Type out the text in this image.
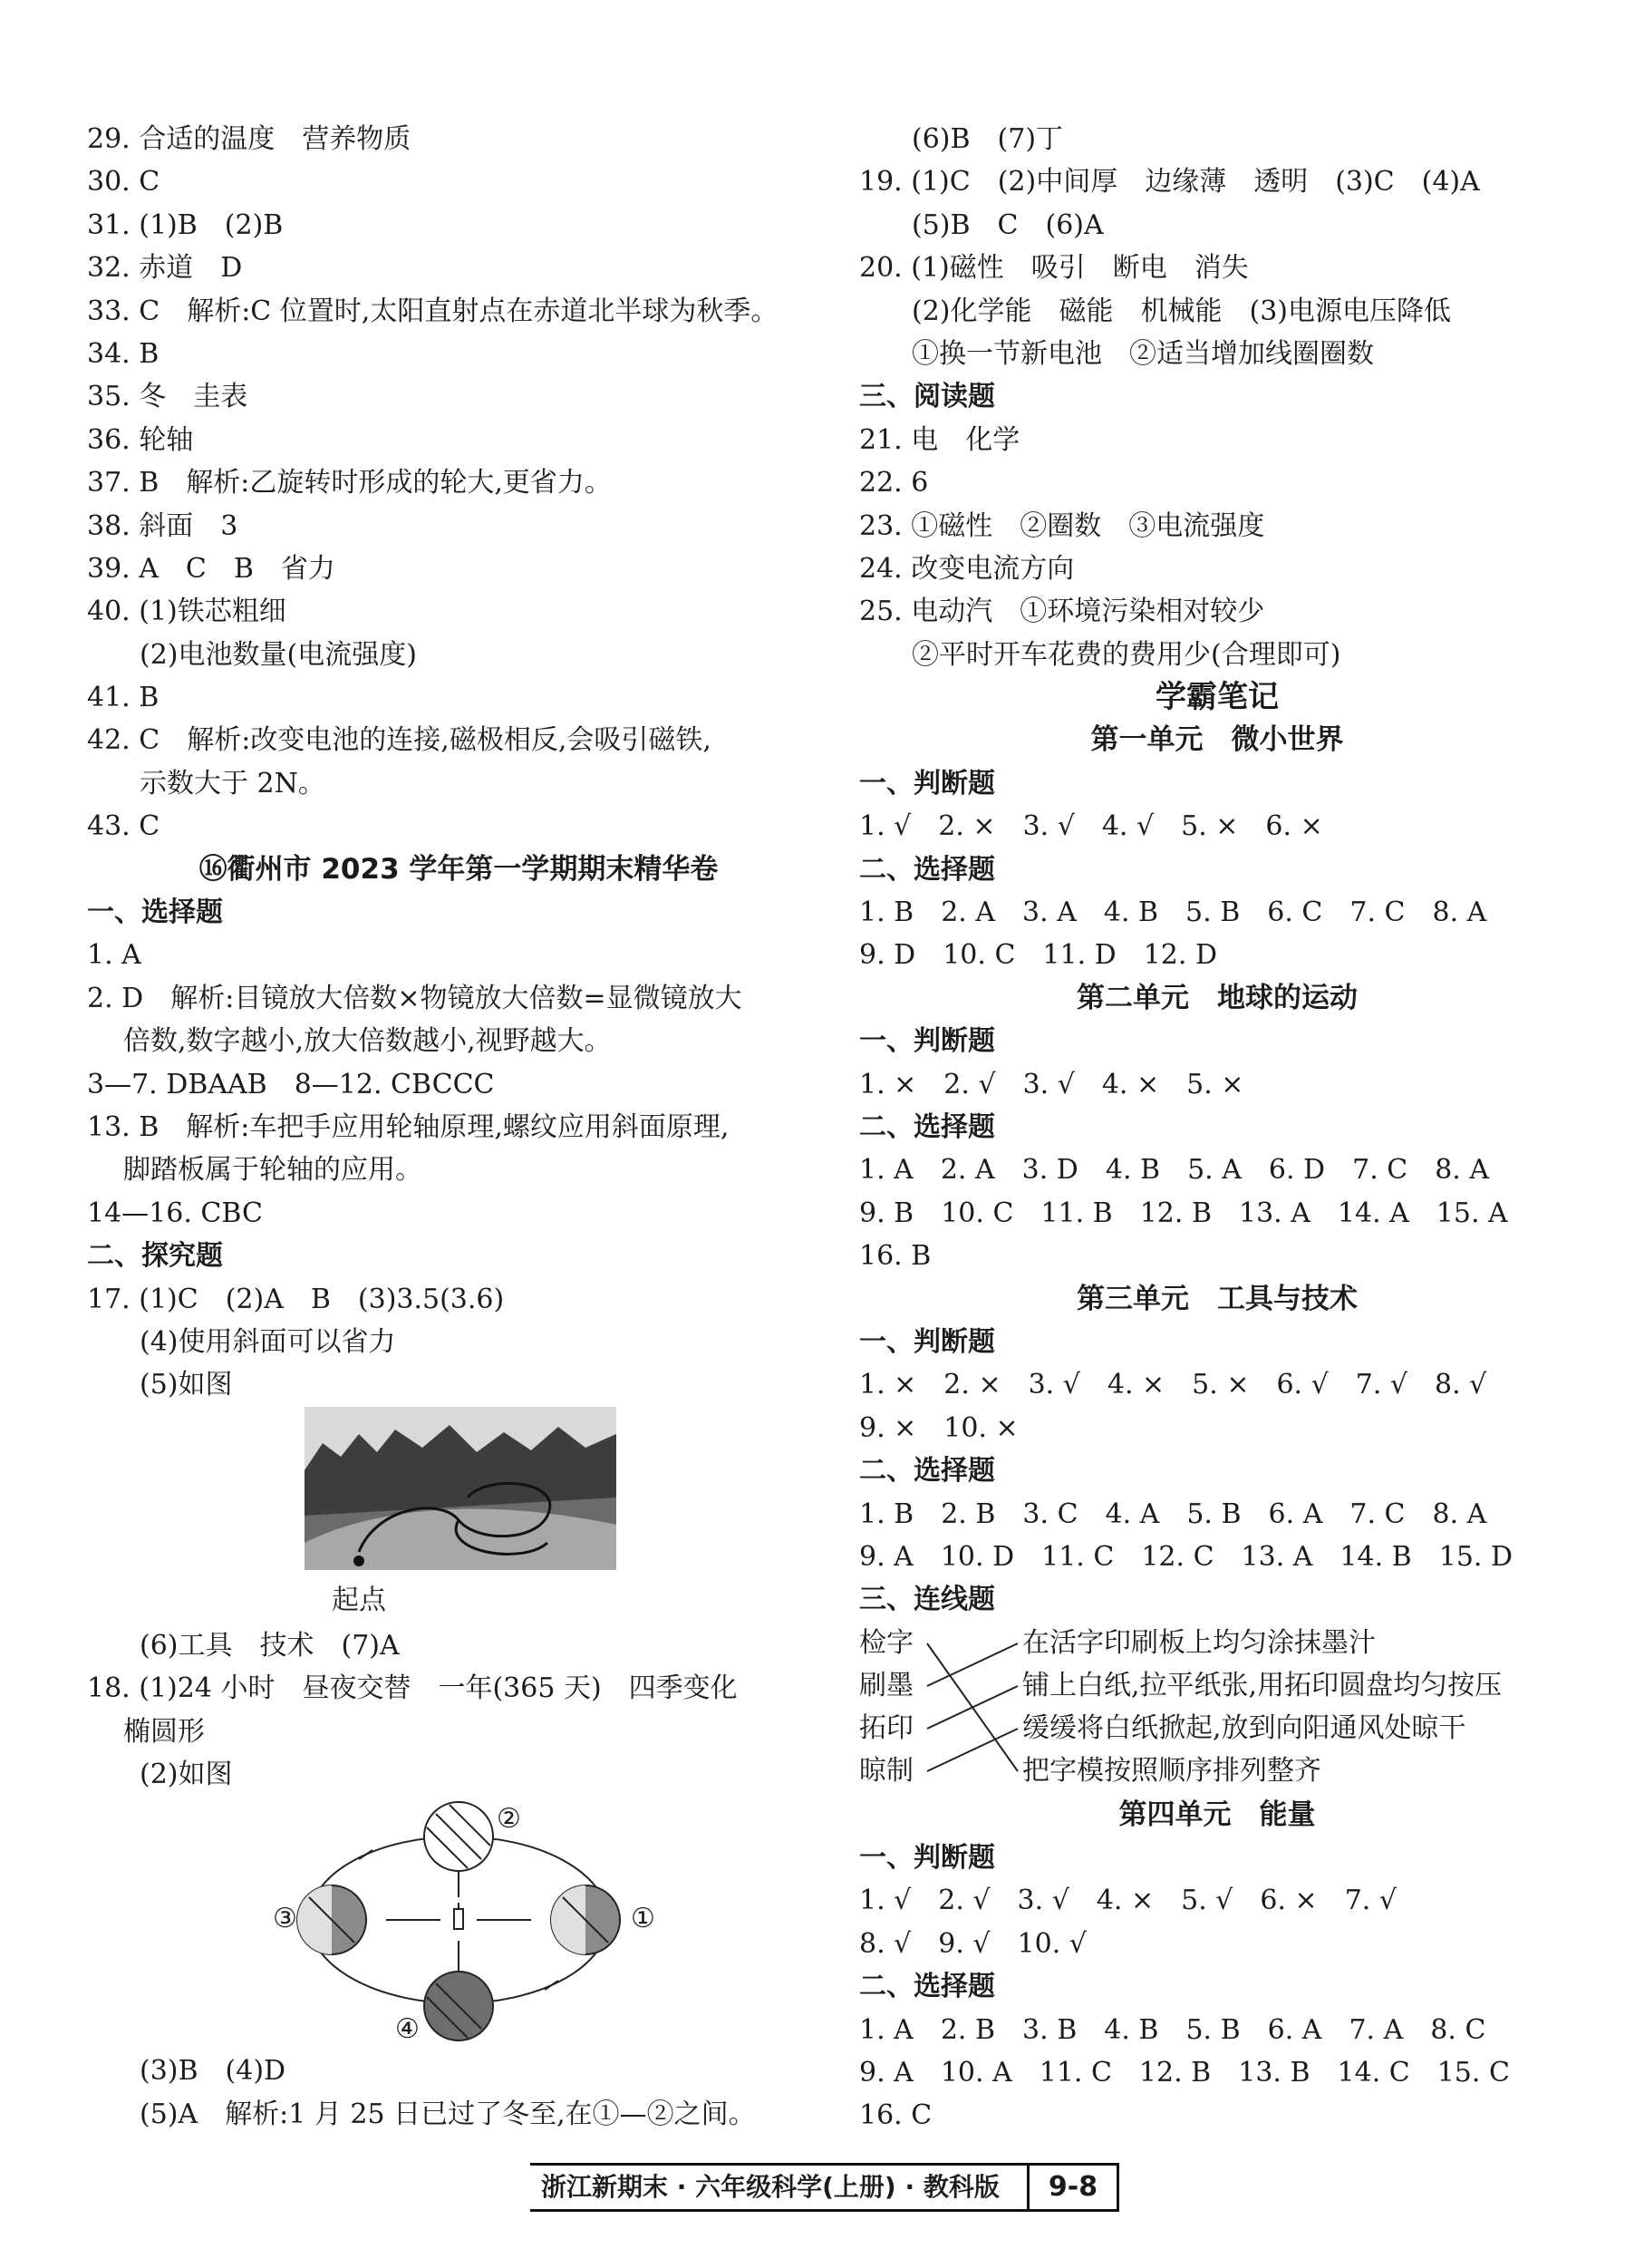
29. 合适的温度　营养物质
30. C
31. (1)B　(2)B
32. 赤道　D
33. C　解析:C 位置时,太阳直射点在赤道北半球为秋季。
34. B
35. 冬　圭表
36. 轮轴
37. B　解析:乙旋转时形成的轮大,更省力。
38. 斜面　3
39. A　C　B　省力
40. (1)铁芯粗细
(2)电池数量(电流强度)
41. B
42. C　解析:改变电池的连接,磁极相反,会吸引磁铁,
示数大于 2N。
43. C
⑯衢州市 2023 学年第一学期期末精华卷
一、选择题
1. A
2. D　解析:目镜放大倍数×物镜放大倍数=显微镜放大
倍数,数字越小,放大倍数越小,视野越大。
3—7. DBAAB　8—12. CBCCC
13. B　解析:车把手应用轮轴原理,螺纹应用斜面原理,
脚踏板属于轮轴的应用。
14—16. CBC
二、探究题
17. (1)C　(2)A　B　(3)3.5(3.6)
(4)使用斜面可以省力
(5)如图
起点
(6)工具　技术　(7)A
18. (1)24 小时　昼夜交替　一年(365 天)　四季变化
椭圆形
(2)如图
①
②
③
④
(3)B　(4)D
(5)A　解析:1 月 25 日已过了冬至,在①—②之间。
(6)B　(7)丁
19. (1)C　(2)中间厚　边缘薄　透明　(3)C　(4)A
(5)B　C　(6)A
20. (1)磁性　吸引　断电　消失
(2)化学能　磁能　机械能　(3)电源电压降低
①换一节新电池　②适当增加线圈圈数
三、阅读题
21. 电　化学
22. 6
23. ①磁性　②圈数　③电流强度
24. 改变电流方向
25. 电动汽　①环境污染相对较少
②平时开车花费的费用少(合理即可)
学霸笔记
第一单元　微小世界
一、判断题
1. √　2. ×　3. √　4. √　5. ×　6. ×
二、选择题
1. B　2. A　3. A　4. B　5. B　6. C　7. C　8. A
9. D　10. C　11. D　12. D
第二单元　地球的运动
一、判断题
1. ×　2. √　3. √　4. ×　5. ×
二、选择题
1. A　2. A　3. D　4. B　5. A　6. D　7. C　8. A
9. B　10. C　11. B　12. B　13. A　14. A　15. A
16. B
第三单元　工具与技术
一、判断题
1. ×　2. ×　3. √　4. ×　5. ×　6. √　7. √　8. √
9. ×　10. ×
二、选择题
1. B　2. B　3. C　4. A　5. B　6. A　7. C　8. A
9. A　10. D　11. C　12. C　13. A　14. B　15. D
三、连线题
检字
刷墨
拓印
晾制
在活字印刷板上均匀涂抹墨汁
铺上白纸,拉平纸张,用拓印圆盘均匀按压
缓缓将白纸掀起,放到向阳通风处晾干
把字模按照顺序排列整齐
第四单元　能量
一、判断题
1. √　2. √　3. √　4. ×　5. √　6. ×　7. √
8. √　9. √　10. √
二、选择题
1. A　2. B　3. B　4. B　5. B　6. A　7. A　8. C
9. A　10. A　11. C　12. B　13. B　14. C　15. C
16. C
浙江新期末 · 六年级科学(上册) · 教科版	9-8
